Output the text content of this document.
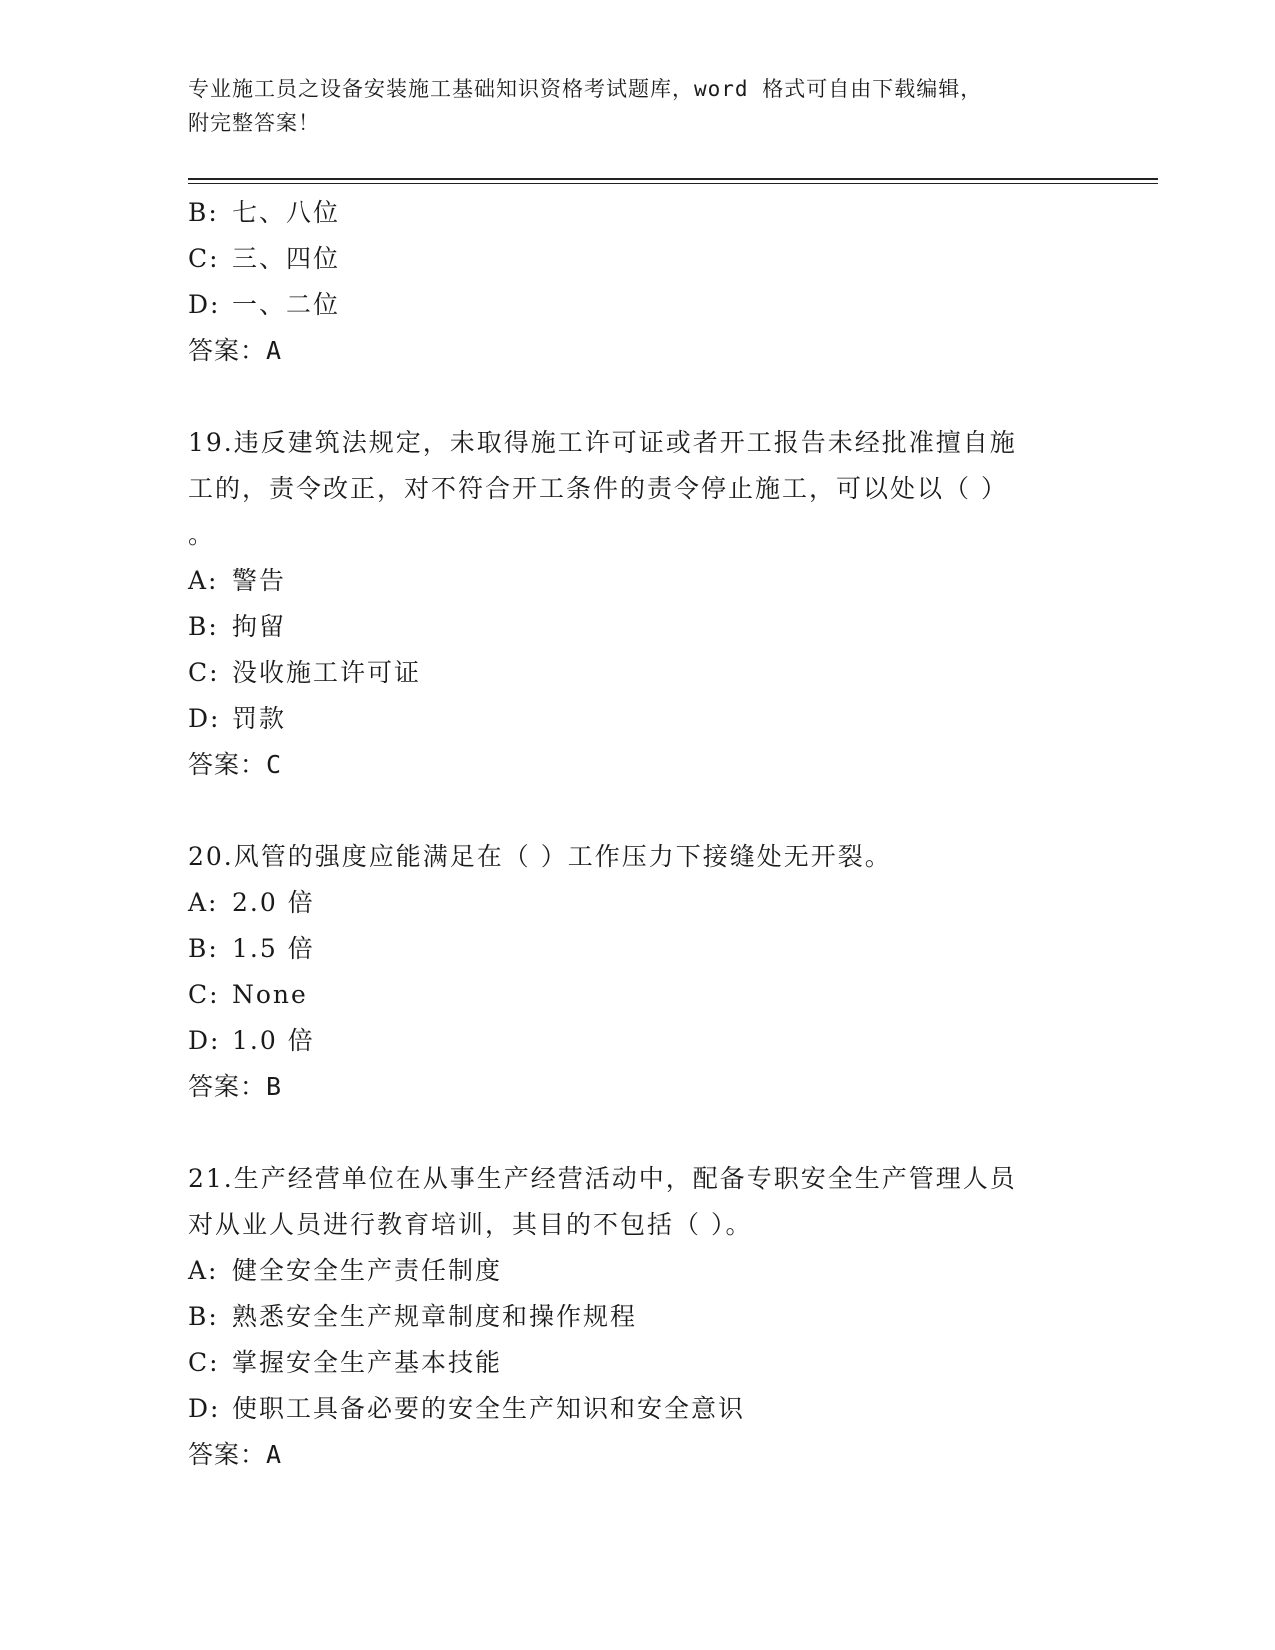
专业施工员之设备安装施工基础知识资格考试题库，word 格式可自由下载编辑，
附完整答案！
B: 七、八位
C: 三、四位
D: 一、二位
答案：A
19.违反建筑法规定，未取得施工许可证或者开工报告未经批准擅自施
工的，责令改正，对不符合开工条件的责令停止施工，可以处以（ ）
。
A: 警告
B: 拘留
C: 没收施工许可证
D: 罚款
答案：C
20.风管的强度应能满足在（ ）工作压力下接缝处无开裂。
A: 2.0 倍
B: 1.5 倍
C: None
D: 1.0 倍
答案：B
21.生产经营单位在从事生产经营活动中，配备专职安全生产管理人员
对从业人员进行教育培训，其目的不包括（ ）。
A: 健全安全生产责任制度
B: 熟悉安全生产规章制度和操作规程
C: 掌握安全生产基本技能
D: 使职工具备必要的安全生产知识和安全意识
答案：A
